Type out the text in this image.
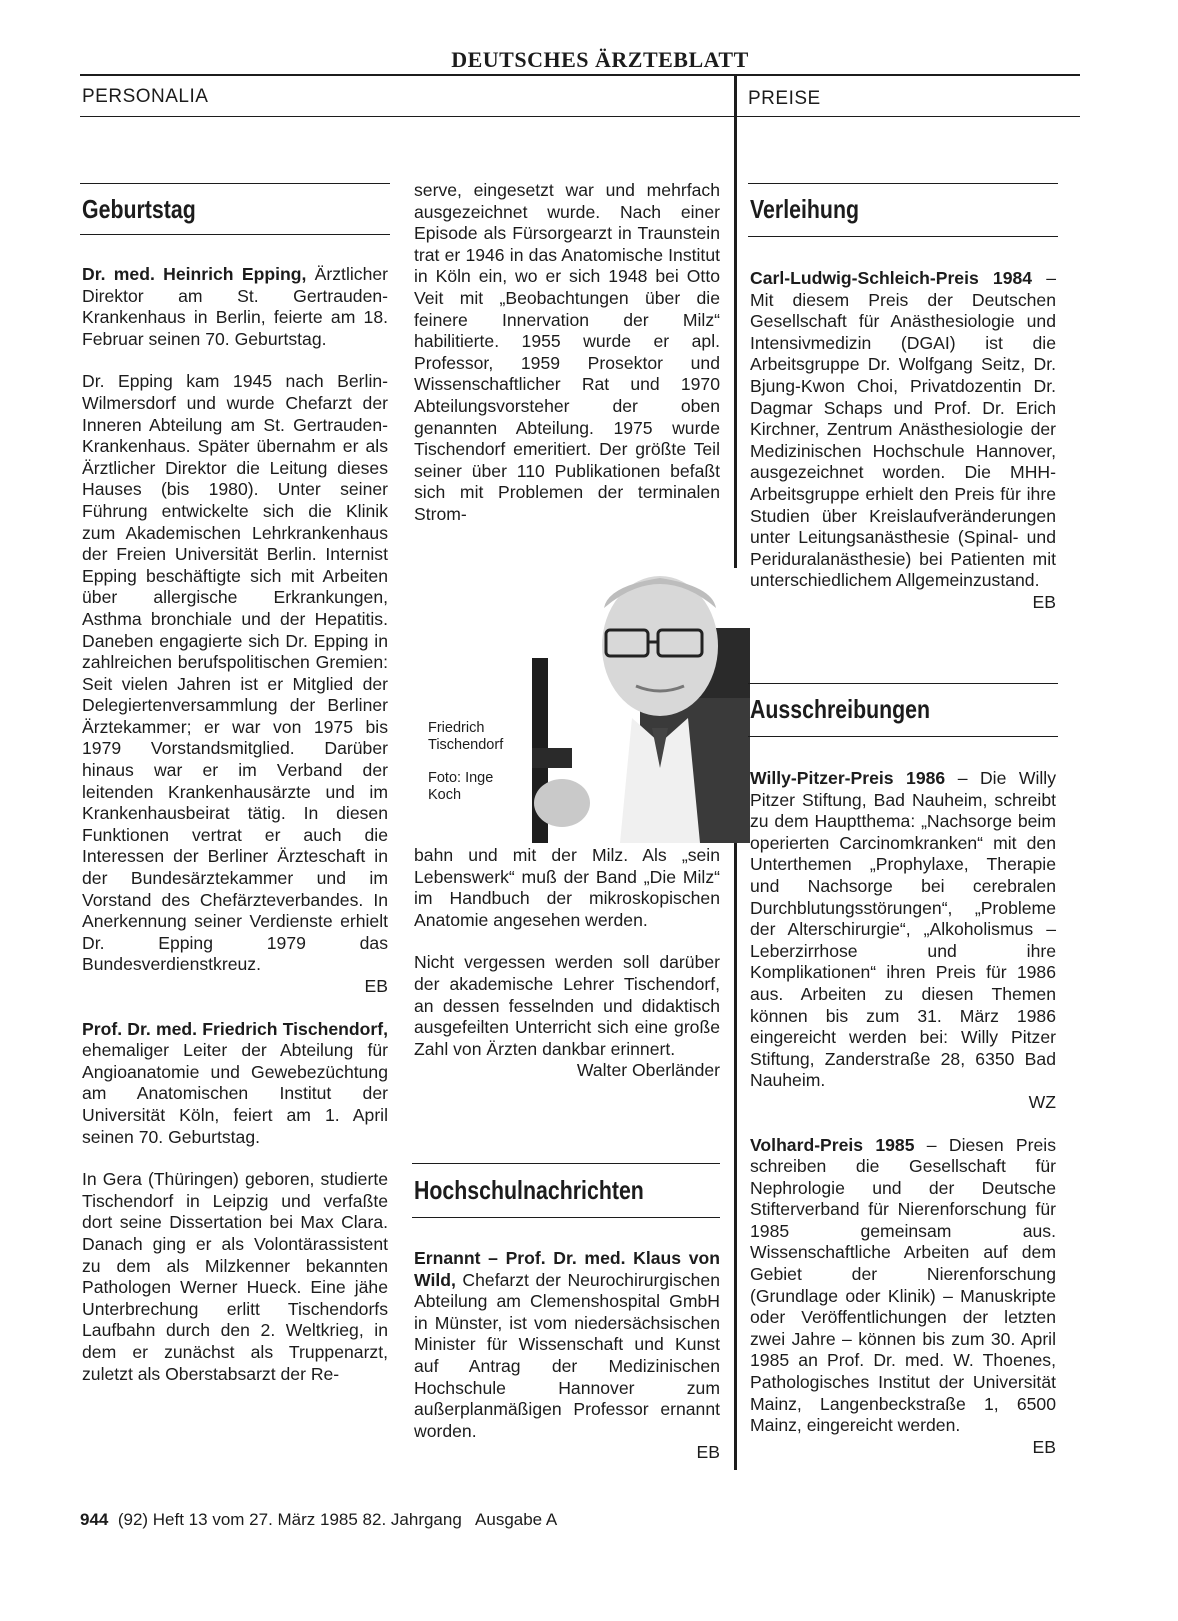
DEUTSCHES ÄRZTEBLATT
PERSONALIA	PREISE
Geburtstag

Dr. med. Heinrich Epping, Ärztlicher Direktor am St. Gertrauden-Krankenhaus in Berlin, feierte am 18. Februar seinen 70. Geburtstag.

Dr. Epping kam 1945 nach Berlin-Wilmersdorf und wurde Chefarzt der Inneren Abteilung am St. Gertrauden-Krankenhaus. Später übernahm er als Ärztlicher Direktor die Leitung dieses Hauses (bis 1980). Unter seiner Führung entwickelte sich die Klinik zum Akademischen Lehrkrankenhaus der Freien Universität Berlin. Internist Epping beschäftigte sich mit Arbeiten über allergische Erkrankungen, Asthma bronchiale und der Hepatitis. Daneben engagierte sich Dr. Epping in zahlreichen berufspolitischen Gremien: Seit vielen Jahren ist er Mitglied der Delegiertenversammlung der Berliner Ärztekammer; er war von 1975 bis 1979 Vorstandsmitglied. Darüber hinaus war er im Verband der leitenden Krankenhausärzte und im Krankenhausbeirat tätig. In diesen Funktionen vertrat er auch die Interessen der Berliner Ärzteschaft in der Bundesärztekammer und im Vorstand des Chefärzteverbandes. In Anerkennung seiner Verdienste erhielt Dr. Epping 1979 das Bundesverdienstkreuz.
EB

Prof. Dr. med. Friedrich Tischendorf, ehemaliger Leiter der Abteilung für Angioanatomie und Gewebezüchtung am Anatomischen Institut der Universität Köln, feiert am 1. April seinen 70. Geburtstag.

In Gera (Thüringen) geboren, studierte Tischendorf in Leipzig und verfaßte dort seine Dissertation bei Max Clara. Danach ging er als Volontärassistent zu dem als Milzkenner bekannten Pathologen Werner Hueck. Eine jähe Unterbrechung erlitt Tischendorfs Laufbahn durch den 2. Weltkrieg, in dem er zunächst als Truppenarzt, zuletzt als Oberstabsarzt der Re-

serve, eingesetzt war und mehrfach ausgezeichnet wurde. Nach einer Episode als Fürsorgearzt in Traunstein trat er 1946 in das Anatomische Institut in Köln ein, wo er sich 1948 bei Otto Veit mit „Beobachtungen über die feinere Innervation der Milz“ habilitierte. 1955 wurde er apl. Professor, 1959 Prosektor und Wissenschaftlicher Rat und 1970 Abteilungsvorsteher der oben genannten Abteilung. 1975 wurde Tischendorf emeritiert. Der größte Teil seiner über 110 Publikationen befaßt sich mit Problemen der terminalen Strom-

Friedrich Tischendorf
Foto: Inge Koch

bahn und mit der Milz. Als „sein Lebenswerk“ muß der Band „Die Milz“ im Handbuch der mikroskopischen Anatomie angesehen werden.

Nicht vergessen werden soll darüber der akademische Lehrer Tischendorf, an dessen fesselnden und didaktisch ausgefeilten Unterricht sich eine große Zahl von Ärzten dankbar erinnert.
Walter Oberländer

Hochschulnachrichten

Ernannt – Prof. Dr. med. Klaus von Wild, Chefarzt der Neurochirurgischen Abteilung am Clemenshospital GmbH in Münster, ist vom niedersächsischen Minister für Wissenschaft und Kunst auf Antrag der Medizinischen Hochschule Hannover zum außerplanmäßigen Professor ernannt worden.
EB

Verleihung

Carl-Ludwig-Schleich-Preis 1984 – Mit diesem Preis der Deutschen Gesellschaft für Anästhesiologie und Intensivmedizin (DGAI) ist die Arbeitsgruppe Dr. Wolfgang Seitz, Dr. Bjung-Kwon Choi, Privatdozentin Dr. Dagmar Schaps und Prof. Dr. Erich Kirchner, Zentrum Anästhesiologie der Medizinischen Hochschule Hannover, ausgezeichnet worden. Die MHH-Arbeitsgruppe erhielt den Preis für ihre Studien über Kreislaufveränderungen unter Leitungsanästhesie (Spinal- und Periduralanästhesie) bei Patienten mit unterschiedlichem Allgemeinzustand.
EB

Ausschreibungen

Willy-Pitzer-Preis 1986 – Die Willy Pitzer Stiftung, Bad Nauheim, schreibt zu dem Hauptthema: „Nachsorge beim operierten Carcinomkranken“ mit den Unterthemen „Prophylaxe, Therapie und Nachsorge bei cerebralen Durchblutungsstörungen“, „Probleme der Alterschirurgie“, „Alkoholismus – Leberzirrhose und ihre Komplikationen“ ihren Preis für 1986 aus. Arbeiten zu diesen Themen können bis zum 31. März 1986 eingereicht werden bei: Willy Pitzer Stiftung, Zanderstraße 28, 6350 Bad Nauheim.
WZ

Volhard-Preis 1985 – Diesen Preis schreiben die Gesellschaft für Nephrologie und der Deutsche Stifterverband für Nierenforschung für 1985 gemeinsam aus. Wissenschaftliche Arbeiten auf dem Gebiet der Nierenforschung (Grundlage oder Klinik) – Manuskripte oder Veröffentlichungen der letzten zwei Jahre – können bis zum 30. April 1985 an Prof. Dr. med. W. Thoenes, Pathologisches Institut der Universität Mainz, Langenbeckstraße 1, 6500 Mainz, eingereicht werden.
EB

944 (92) Heft 13 vom 27. März 1985 82. Jahrgang   Ausgabe A
